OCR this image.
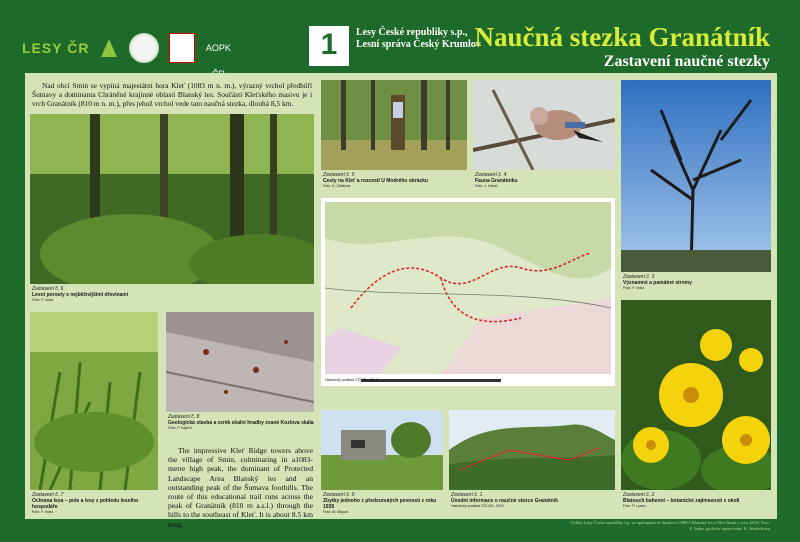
LESY ČR	AOPK	1	Lesy České republiky s.p.,
Lesní správa Český Krumlov
Naučná stezka Granátník
Zastavení naučné stezky
Nad obcí Smin se vypíná majestátní hora Kleť (1083 m n. m.), výrazný vrchol předhůří Šumavy a dominanta Chráněné krajinné oblasti Blanský les. Součástí Kleťského masivu je i vrch Granátník (810 m n. m.), přes jehož vrchol vede tato naučná stezka, dlouhá 8,5 km.
Zastavení č. 6
Lesní porosty s nejběžnějšími dřevinami
Foto: F. Indra
Zastavení č. 5
Cesty na Kleť a rozcestí U Modrého obrázku
Foto: K. Žáčková
Zastavení č. 4
Fauna Granátníku
Foto: J. Hanel
Zastavení č. 3
Významné a památné stromy
Foto: F. Indra
Historický podklad ©ČÚZK, 2010
Zastavení č. 7
Ochrana lesa – pole a lesy z pohledu lesního hospodáře
Foto: F. Indra
Zastavení č. 8
Geologická stavba a vznik skalní hradby zvané Kozlova skála
Foto: P. Kajlich
The impressive Kleť Ridge towers above the village of Smin, culminating in a1083-metre high peak, the dominant of Protected Landscape Area Blanský les and an outstanding peak of the Šumava foothills. The route of this educational trail runs across the peak of Granátník (810 m a.s.l.) through the hills to the southeast of Kleť. It is about 8.5 km long.
Zastavení č. 9
Zbytky jednoho z předsunutých pevností z roku 1938
Foto: M. Aliquot
Zastavení č. 1
Úvodní informace o naučné stezce Granátník
Historický podklad ©ČÚZK, 2010
Zastavení č. 2
Blatouch bahenní – botanické zajímavosti v okolí
Foto: P. Lyach
Vydaly Lesy České republiky s.p. ve spolupráci se Správou CHKO Blanský les a Obcí Smin v roce 2010. Text: F. Indra, grafické zpracování: K. Jezdeckova
